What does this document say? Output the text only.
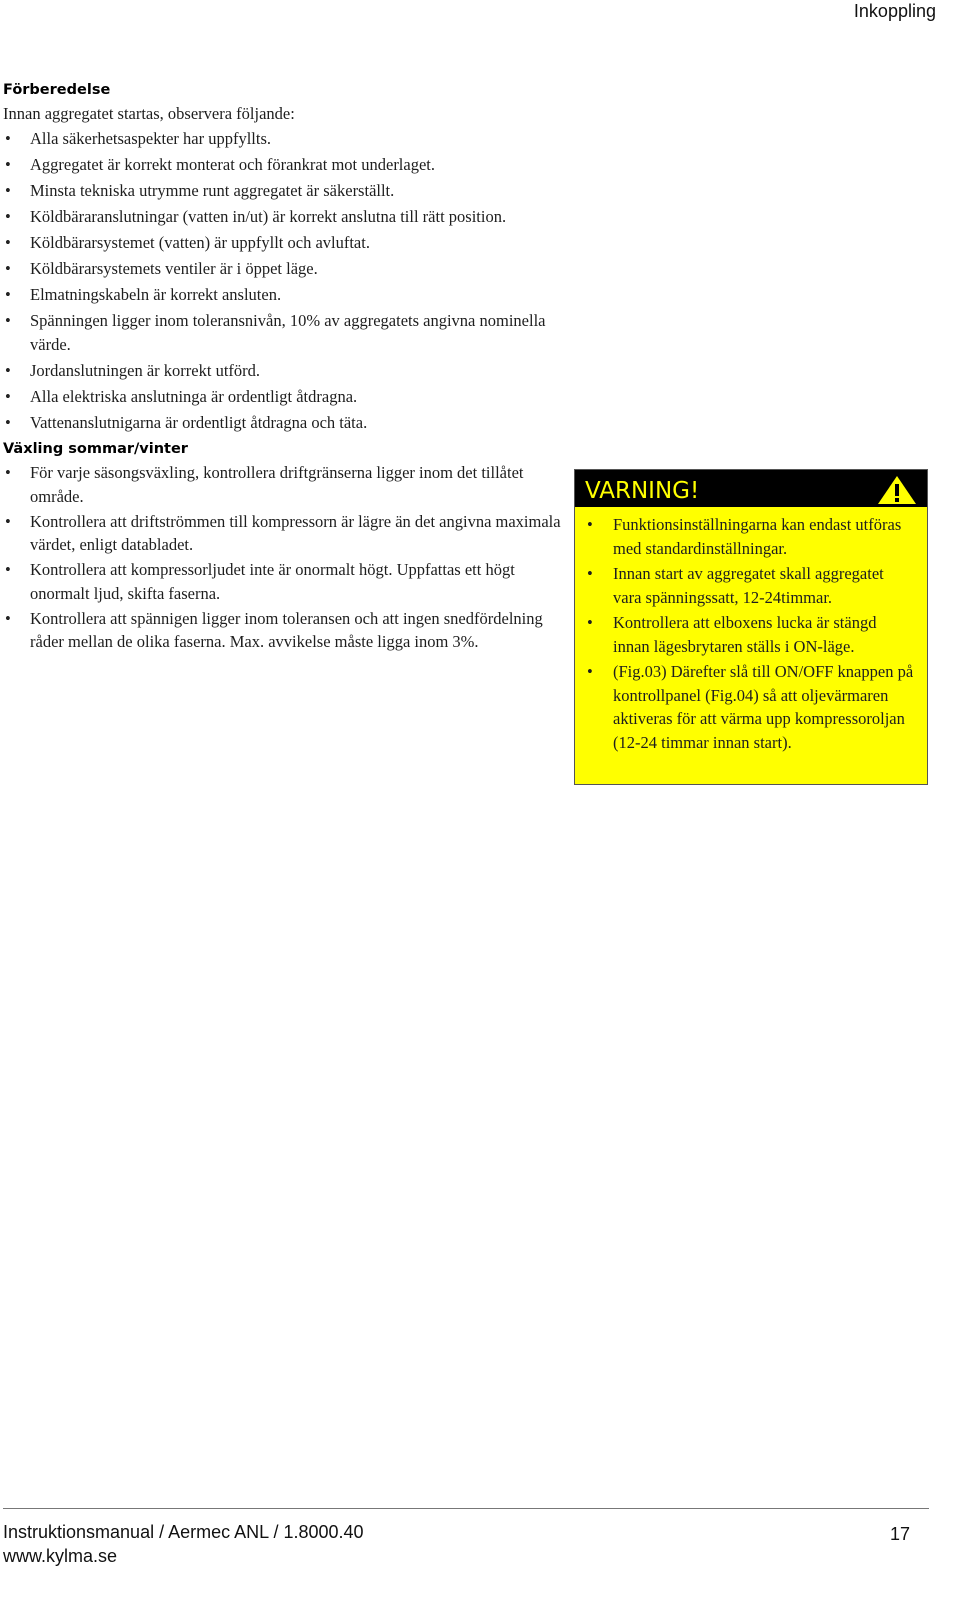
Inkoppling
Förberedelse
Innan aggregatet startas, observera följande:
• Alla säkerhetsaspekter har uppfyllts.
• Aggregatet är korrekt monterat och förankrat mot underlaget.
• Minsta tekniska utrymme runt aggregatet är säkerställt.
• Köldbäraranslutningar (vatten in/ut) är korrekt anslutna till rätt position.
• Köldbärarsystemet (vatten) är uppfyllt och avluftat.
• Köldbärarsystemets ventiler är i öppet läge.
• Elmatningskabeln är korrekt ansluten.
• Spänningen ligger inom toleransnivån, 10% av aggregatets angivna nominella värde.
• Jordanslutningen är korrekt utförd.
• Alla elektriska anslutninga är ordentligt åtdragna.
• Vattenanslutnigarna är ordentligt åtdragna och täta.
Växling sommar/vinter
• För varje säsongsväxling, kontrollera driftgränserna ligger inom det tillåtet område.
• Kontrollera att driftströmmen till kompressorn är lägre än det angivna maximala värdet, enligt databladet.
• Kontrollera att kompressorljudet inte är onormalt högt. Uppfattas ett högt onormalt ljud, skifta faserna.
• Kontrollera att spännigen ligger inom toleransen och att ingen snedfördelning råder mellan de olika faserna. Max. avvikelse måste ligga inom 3%.
VARNING!
• Funktionsinställningarna kan endast utföras med standardinställningar.
• Innan start av aggregatet skall aggregatet vara spänningssatt, 12-24timmar.
• Kontrollera att elboxens lucka är stängd innan lägesbrytaren ställs i ON-läge.
• (Fig.03) Därefter slå till ON/OFF knappen på kontrollpanel (Fig.04) så att oljevärmaren aktiveras för att värma upp kompressoroljan (12-24 timmar innan start).
Instruktionsmanual / Aermec ANL / 1.8000.40
www.kylma.se
17
